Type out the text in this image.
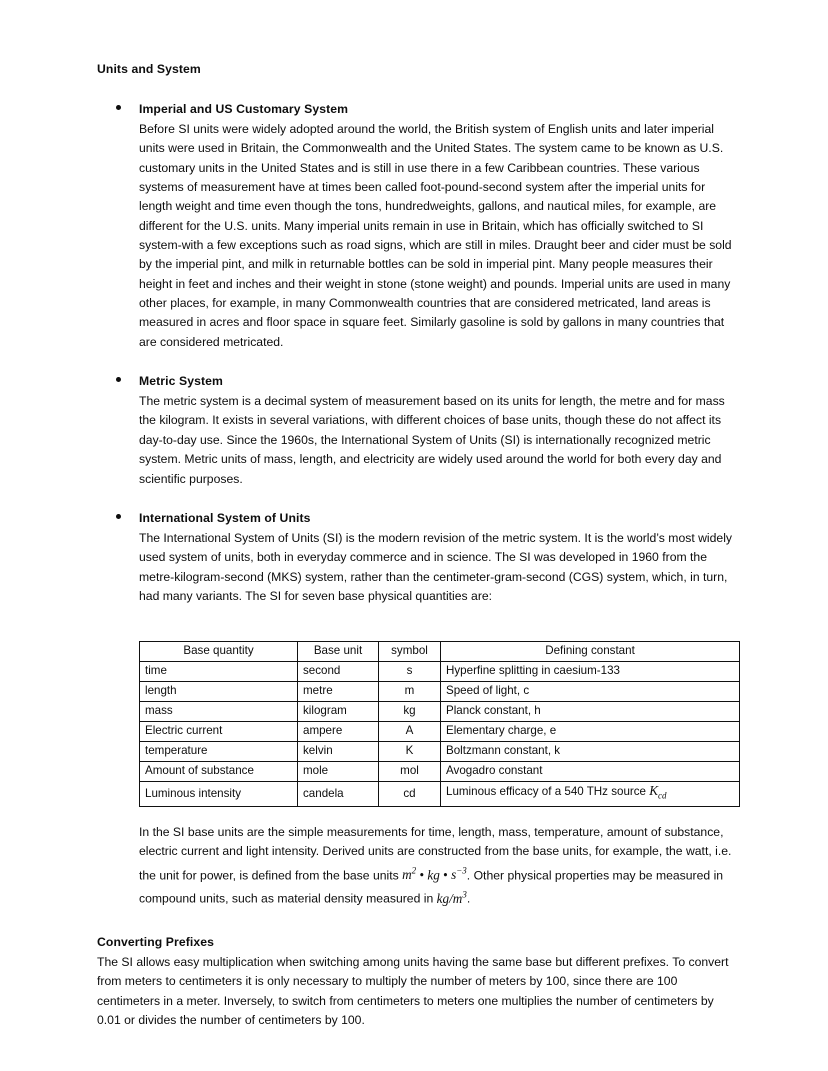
Units and System
Imperial and US Customary System

Before SI units were widely adopted around the world, the British system of English units and later imperial units were used in Britain, the Commonwealth and the United States. The system came to be known as U.S. customary units in the United States and is still in use there in a few Caribbean countries. These various systems of measurement have at times been called foot-pound-second system after the imperial units for length weight and time even though the tons, hundredweights, gallons, and nautical miles, for example, are different for the U.S. units. Many imperial units remain in use in Britain, which has officially switched to SI system-with a few exceptions such as road signs, which are still in miles. Draught beer and cider must be sold by the imperial pint, and milk in returnable bottles can be sold in imperial pint. Many people measures their height in feet and inches and their weight in stone (stone weight) and pounds. Imperial units are used in many other places, for example, in many Commonwealth countries that are considered metricated, land areas is measured in acres and floor space in square feet. Similarly gasoline is sold by gallons in many countries that are considered metricated.

Metric System

The metric system is a decimal system of measurement based on its units for length, the metre and for mass the kilogram. It exists in several variations, with different choices of base units, though these do not affect its day-to-day use. Since the 1960s, the International System of Units (SI) is internationally recognized metric system. Metric units of mass, length, and electricity are widely used around the world for both every day and scientific purposes.

International System of Units

The International System of Units (SI) is the modern revision of the metric system. It is the world’s most widely used system of units, both in everyday commerce and in science. The SI was developed in 1960 from the metre-kilogram-second (MKS) system, rather than the centimeter-gram-second (CGS) system, which, in turn, had many variants. The SI for seven base physical quantities are:

Base quantity	Base unit	symbol	Defining constant
time	second	s	Hyperfine splitting in caesium-133
length	metre	m	Speed of light, c
mass	kilogram	kg	Planck constant, h
Electric current	ampere	A	Elementary charge, e
temperature	kelvin	K	Boltzmann constant, k
Amount of substance	mole	mol	Avogadro constant
Luminous intensity	candela	cd	Luminous efficacy of a 540 THz source $K_{cd}$

In the SI base units are the simple measurements for time, length, mass, temperature, amount of substance, electric current and light intensity. Derived units are constructed from the base units, for example, the watt, i.e. the unit for power, is defined from the base units $m^2$ • kg • $s^{-3}$. Other physical properties may be measured in compound units, such as material density measured in $kg/m^3$.

Converting Prefixes

The SI allows easy multiplication when switching among units having the same base but different prefixes. To convert from meters to centimeters it is only necessary to multiply the number of meters by 100, since there are 100 centimeters in a meter. Inversely, to switch from centimeters to meters one multiplies the number of centimeters by 0.01 or divides the number of centimeters by 100.
